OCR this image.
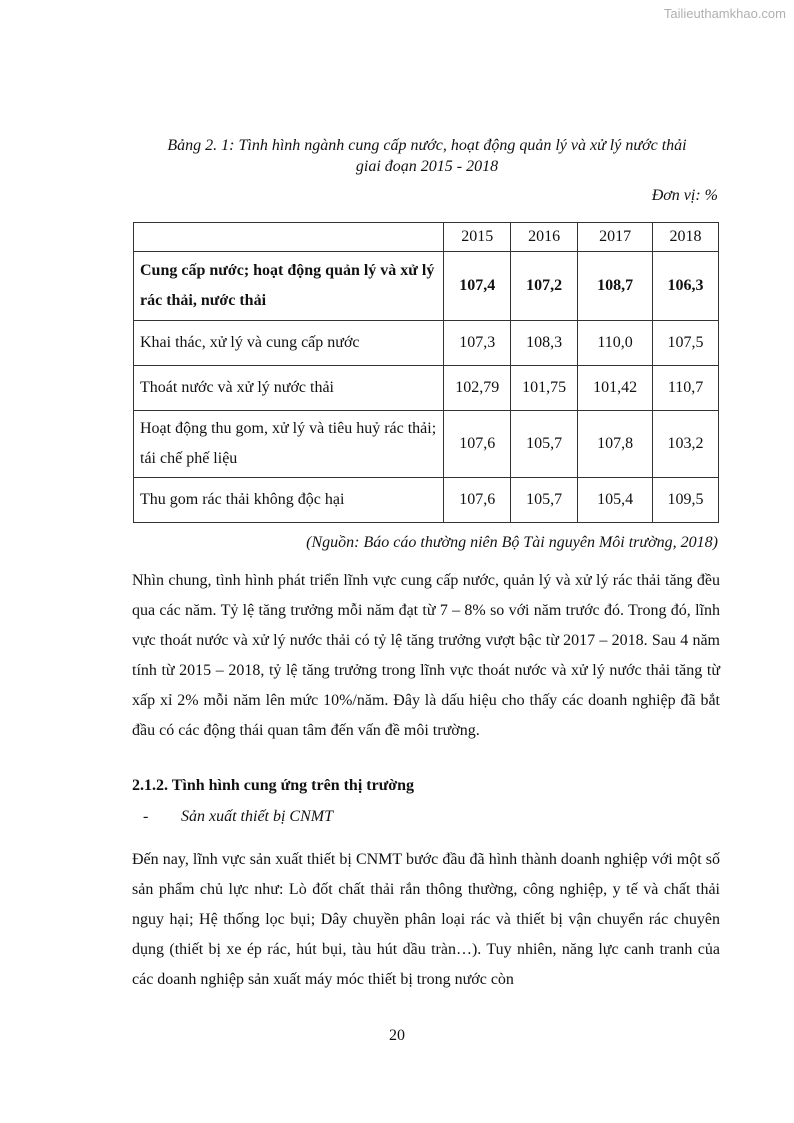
Tailieuthamkhao.com
Bảng 2. 1: Tình hình ngành cung cấp nước, hoạt động quản lý và xử lý nước thải
giai đoạn 2015 - 2018
Đơn vị: %
	2015	2016	2017	2018
Cung cấp nước; hoạt động quản lý và xử lý rác thải, nước thải	107,4	107,2	108,7	106,3
Khai thác, xử lý và cung cấp nước	107,3	108,3	110,0	107,5
Thoát nước và xử lý nước thải	102,79	101,75	101,42	110,7
Hoạt động thu gom, xử lý và tiêu huỷ rác thải; tái chế phế liệu	107,6	105,7	107,8	103,2
Thu gom rác thải không độc hại	107,6	105,7	105,4	109,5
(Nguồn: Báo cáo thường niên Bộ Tài nguyên Môi trường, 2018)

Nhìn chung, tình hình phát triển lĩnh vực cung cấp nước, quản lý và xử lý rác thải tăng đều qua các năm. Tỷ lệ tăng trưởng mỗi năm đạt từ 7 – 8% so với năm trước đó. Trong đó, lĩnh vực thoát nước và xử lý nước thải có tỷ lệ tăng trưởng vượt bậc từ 2017 – 2018. Sau 4 năm tính từ 2015 – 2018, tỷ lệ tăng trưởng trong lĩnh vực thoát nước và xử lý nước thải tăng từ xấp xỉ 2% mỗi năm lên mức 10%/năm. Đây là dấu hiệu cho thấy các doanh nghiệp đã bắt đầu có các động thái quan tâm đến vấn đề môi trường.

2.1.2. Tình hình cung ứng trên thị trường
- Sản xuất thiết bị CNMT

Đến nay, lĩnh vực sản xuất thiết bị CNMT bước đầu đã hình thành doanh nghiệp với một số sản phẩm chủ lực như: Lò đốt chất thải rắn thông thường, công nghiệp, y tế và chất thải nguy hại; Hệ thống lọc bụi; Dây chuyền phân loại rác và thiết bị vận chuyển rác chuyên dụng (thiết bị xe ép rác, hút bụi, tàu hút dầu tràn…). Tuy nhiên, năng lực canh tranh của các doanh nghiệp sản xuất máy móc thiết bị trong nước còn

20
